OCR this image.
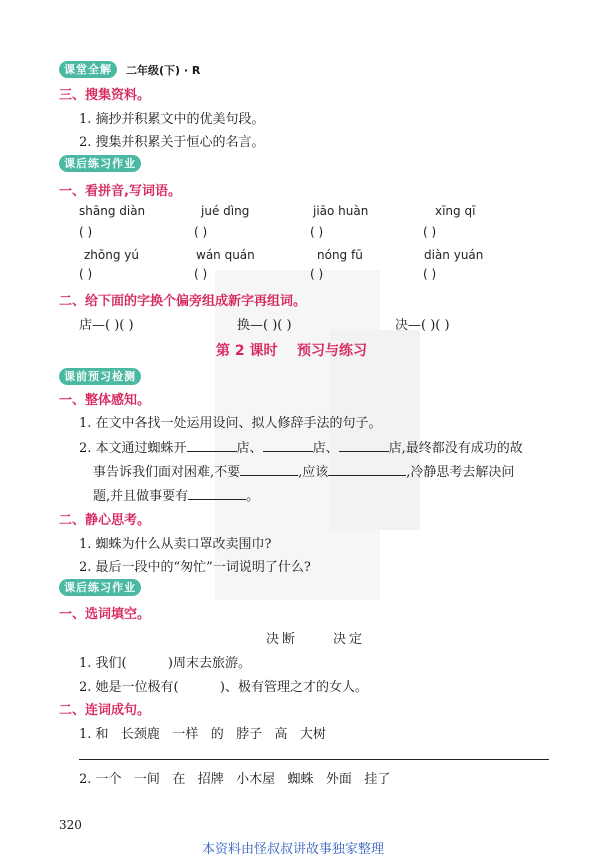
课堂全解	二年级(下) · R
三、搜集资料。
1. 摘抄并积累文中的优美句段。
2. 搜集并积累关于恒心的名言。
课后练习作业
一、看拼音,写词语。
shāng diàn	jué dìng	jiāo huàn	xīng qī
( )	( )	( )	( )
zhōng yú	wán quán	nóng fū	diàn yuán
( )	( )	( )	( )
二、给下面的字换个偏旁组成新字再组词。
店—( )( )	换—( )( )	决—( )( )
第 2 课时    预习与练习
课前预习检测
一、整体感知。
1. 在文中各找一处运用设问、拟人修辞手法的句子。
2. 本文通过蜘蛛开	店、	店、	店,最终都没有成功的故
事告诉我们面对困难,不要	,应该	,冷静思考去解决问
题,并且做事要有	。
二、静心思考。
1. 蜘蛛为什么从卖口罩改卖围巾?
2. 最后一段中的“匆忙”一词说明了什么?
课后练习作业
一、选词填空。
决断	决定
1. 我们(          )周末去旅游。
2. 她是一位极有(          )、极有管理之才的女人。
二、连词成句。
1. 和   长颈鹿   一样   的   脖子   高   大树
2. 一个   一间   在   招牌   小木屋   蜘蛛   外面   挂了
320
本资料由怪叔叔讲故事独家整理
